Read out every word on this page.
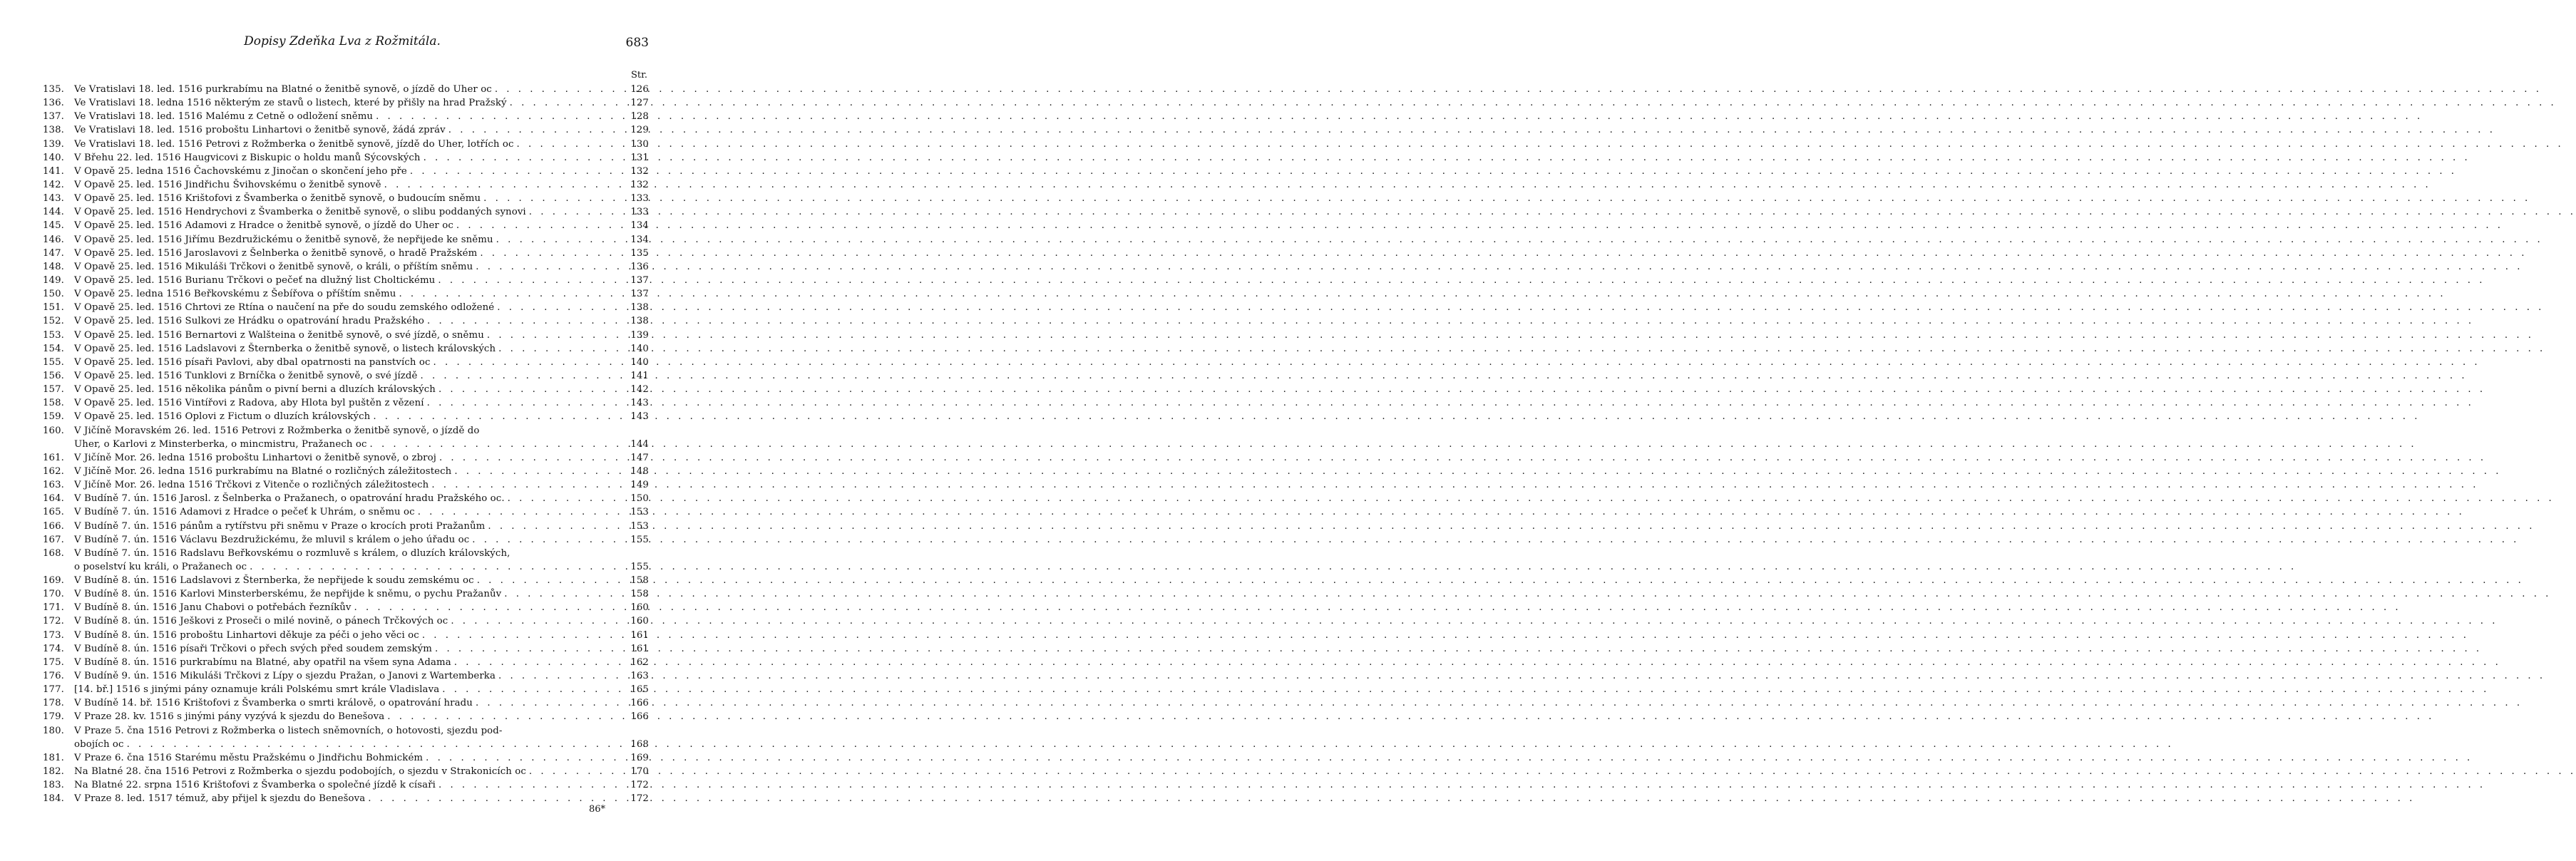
Dopisy Zdeňka Lva z Rožmitála.	683
Str.
135.	Ve Vratislavi 18. led. 1516 purkrabímu na Blatné o ženitbě synově, o jízdě do Uher oc . . .	126
136.	Ve Vratislavi 18. ledna 1516 některým ze stavů o listech, které by přišly na hrad Pražský . . .	127
137.	Ve Vratislavi 18. led. 1516 Malému z Cetně o odložení sněmu . . .	128
138.	Ve Vratislavi 18. led. 1516 proboštu Linhartovi o ženitbě synově, žádá zpráv . . .	129
139.	Ve Vratislavi 18. led. 1516 Petrovi z Rožmberka o ženitbě synově, jízdě do Uher, lotřích oc . . .	130
140.	V Břehu 22. led. 1516 Haugvicovi z Biskupic o holdu manů Sýcovských . . .	131
141.	V Opavě 25. ledna 1516 Čachovskému z Jinočan o skončení jeho pře . . .	132
142.	V Opavě 25. led. 1516 Jindřichu Švihovskému o ženitbě synově . . .	132
143.	V Opavě 25. led. 1516 Krištofovi z Švamberka o ženitbě synově, o budoucím sněmu . . .	133
144.	V Opavě 25. led. 1516 Hendrychovi z Švamberka o ženitbě synově, o slibu poddaných synovi . . .	133
145.	V Opavě 25. led. 1516 Adamovi z Hradce o ženitbě synově, o jízdě do Uher oc . . .	134
146.	V Opavě 25. led. 1516 Jiřímu Bezdružickému o ženitbě synově, že nepřijede ke sněmu . . .	134
147.	V Opavě 25. led. 1516 Jaroslavovi z Šelnberka o ženitbě synově, o hradě Pražském . . .	135
148.	V Opavě 25. led. 1516 Mikuláši Trčkovi o ženitbě synově, o králi, o příštím sněmu . . .	136
149.	V Opavě 25. led. 1516 Burianu Trčkovi o pečeť na dlužný list Choltickému . . .	137
150.	V Opavě 25. ledna 1516 Beřkovskému z Šebířova o příštím sněmu . . .	137
151.	V Opavě 25. led. 1516 Chrtovi ze Rtína o naučení na pře do soudu zemského odložené . . .	138
152.	V Opavě 25. led. 1516 Sulkovi ze Hrádku o opatrování hradu Pražského . . .	138
153.	V Opavě 25. led. 1516 Bernartovi z Walšteina o ženitbě synově, o své jízdě, o sněmu . . .	139
154.	V Opavě 25. led. 1516 Ladslavovi z Šternberka o ženitbě synově, o listech královských . . .	140
155.	V Opavě 25. led. 1516 písaři Pavlovi, aby dbal opatrnosti na panstvích oc . . .	140
156.	V Opavě 25. led. 1516 Tunklovi z Brníčka o ženitbě synově, o své jízdě . . .	141
157.	V Opavě 25. led. 1516 několika pánům o pivní berni a dluzích královských . . .	142
158.	V Opavě 25. led. 1516 Vintířovi z Radova, aby Hlota byl puštěn z vězení . . .	143
159.	V Opavě 25. led. 1516 Oplovi z Fictum o dluzích královských . . .	143
160.	V Jičíně Moravském 26. led. 1516 Petrovi z Rožmberka o ženitbě synově, o jízdě do
Uher, o Karlovi z Minsterberka, o mincmistru, Pražanech oc . . .	144
161.	V Jičíně Mor. 26. ledna 1516 proboštu Linhartovi o ženitbě synově, o zbroj . . .	147
162.	V Jičíně Mor. 26. ledna 1516 purkrabímu na Blatné o rozličných záležitostech . . .	148
163.	V Jičíně Mor. 26. ledna 1516 Trčkovi z Vitenče o rozličných záležitostech . . .	149
164.	V Budíně 7. ún. 1516 Jarosl. z Šelnberka o Pražanech, o opatrování hradu Pražského oc. . . .	150
165.	V Budíně 7. ún. 1516 Adamovi z Hradce o pečeť k Uhrám, o sněmu oc . . .	153
166.	V Budíně 7. ún. 1516 pánům a rytířstvu při sněmu v Praze o krocích proti Pražanům . . .	153
167.	V Budíně 7. ún. 1516 Václavu Bezdružickému, že mluvil s králem o jeho úřadu oc . . .	155
168.	V Budíně 7. ún. 1516 Radslavu Beřkovskému o rozmluvě s králem, o dluzích královských,
o poselství ku králi, o Pražanech oc . . .	155
169.	V Budíně 8. ún. 1516 Ladslavovi z Šternberka, že nepřijede k soudu zemskému oc . . .	158
170.	V Budíně 8. ún. 1516 Karlovi Minsterberskému, že nepřijde k sněmu, o pychu Pražanův . . .	158
171.	V Budíně 8. ún. 1516 Janu Chabovi o potřebách řezníkův . . .	160
172.	V Budíně 8. ún. 1516 Ješkovi z Proseči o milé novině, o pánech Trčkových oc . . .	160
173.	V Budíně 8. ún. 1516 proboštu Linhartovi děkuje za péči o jeho věci oc . . .	161
174.	V Budíně 8. ún. 1516 písaři Trčkovi o přech svých před soudem zemským . . .	161
175.	V Budíně 8. ún. 1516 purkrabímu na Blatné, aby opatřil na všem syna Adama . . .	162
176.	V Budíně 9. ún. 1516 Mikuláši Trčkovi z Lípy o sjezdu Pražan, o Janovi z Wartemberka . . .	163
177.	[14. bř.] 1516 s jinými pány oznamuje králi Polskému smrt krále Vladislava . . .	165
178.	V Budíně 14. bř. 1516 Krištofovi z Švamberka o smrti králově, o opatrování hradu . . .	166
179.	V Praze 28. kv. 1516 s jinými pány vyzývá k sjezdu do Benešova . . .	166
180.	V Praze 5. čna 1516 Petrovi z Rožmberka o listech sněmovních, o hotovosti, sjezdu pod-
obojích oc . . .	168
181.	V Praze 6. čna 1516 Starému městu Pražskému o Jindřichu Bohmickém . . .	169
182.	Na Blatné 28. čna 1516 Petrovi z Rožmberka o sjezdu podobojích, o sjezdu v Strakonicích oc . . .	170
183.	Na Blatné 22. srpna 1516 Krištofovi z Švamberka o společné jízdě k císaři . . .	172
184.	V Praze 8. led. 1517 témuž, aby přijel k sjezdu do Benešova . . .	172
86*
